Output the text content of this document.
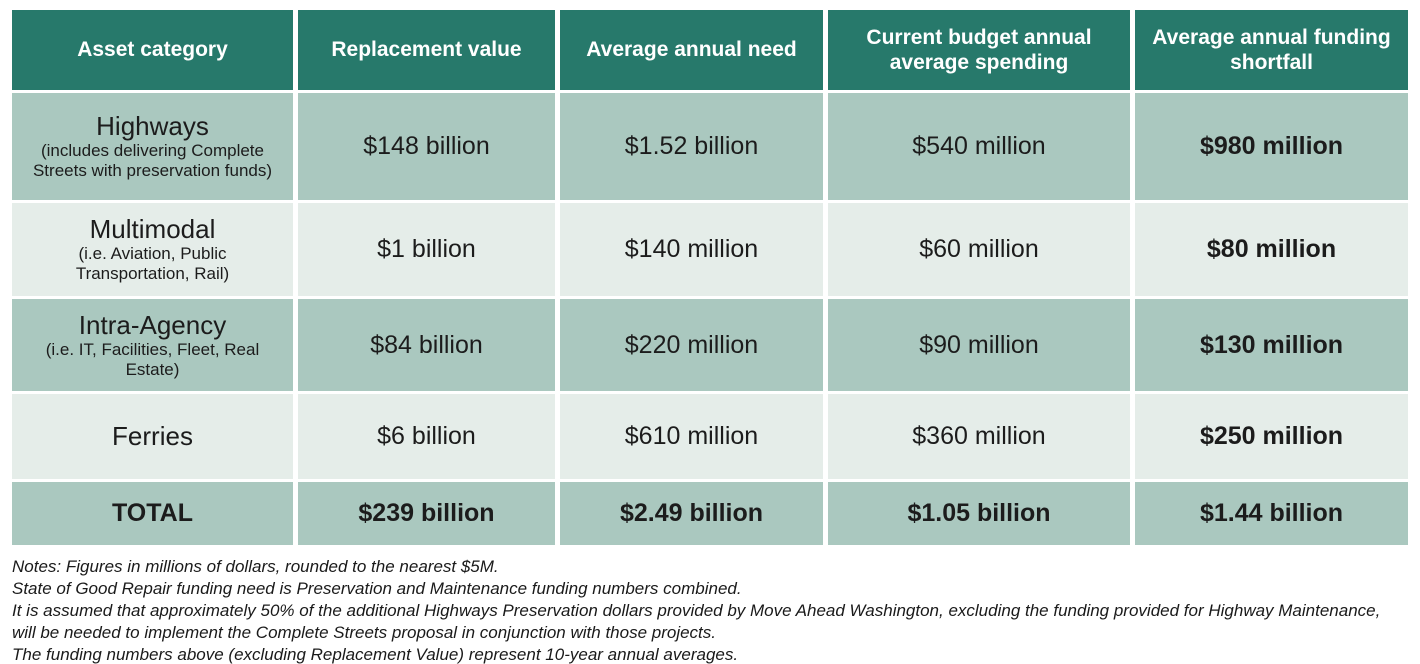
Asset category	Replacement value	Average annual need	Current budget annual average spending	Average annual funding shortfall

Highways
(includes delivering Complete Streets with preservation funds)	$148 billion	$1.52 billion	$540 million	$980 million

Multimodal
(i.e. Aviation, Public Transportation, Rail)	$1 billion	$140 million	$60 million	$80 million

Intra-Agency
(i.e. IT, Facilities, Fleet, Real Estate)	$84 billion	$220 million	$90 million	$130 million

Ferries	$6 billion	$610 million	$360 million	$250 million
TOTAL	$239 billion	$2.49 billion	$1.05 billion	$1.44 billion

Notes: Figures in millions of dollars, rounded to the nearest $5M.

State of Good Repair funding need is Preservation and Maintenance funding numbers combined.

It is assumed that approximately 50% of the additional Highways Preservation dollars provided by Move Ahead Washington, excluding the funding provided for Highway Maintenance, will be needed to implement the Complete Streets proposal in conjunction with those projects.

The funding numbers above (excluding Replacement Value) represent 10-year annual averages.
